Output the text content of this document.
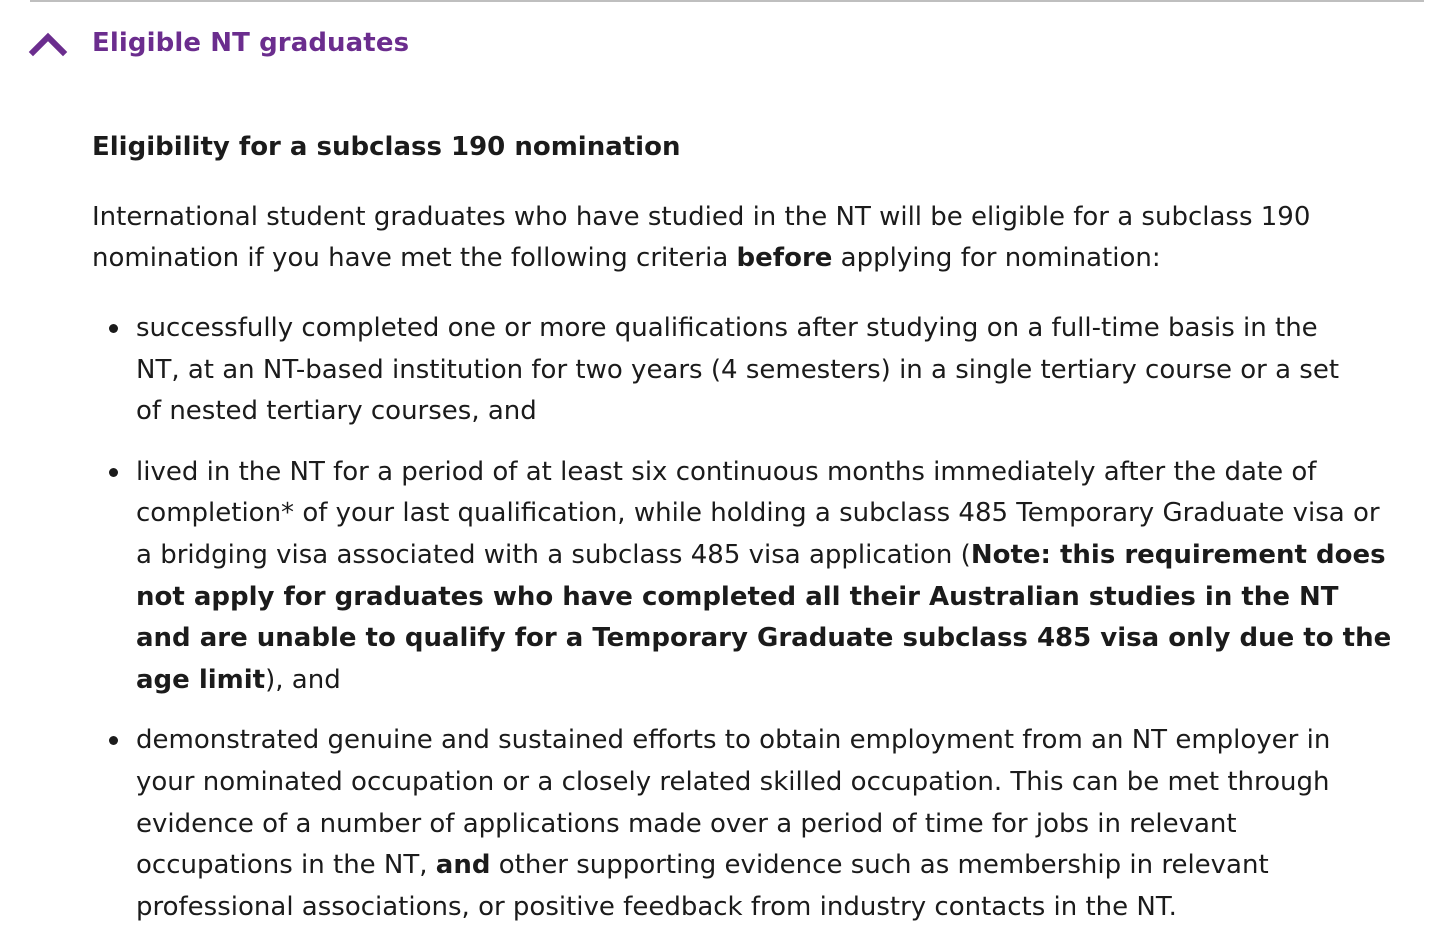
Eligible NT graduates
Eligibility for a subclass 190 nomination

International student graduates who have studied in the NT will be eligible for a subclass 190 nomination if you have met the following criteria before applying for nomination:

successfully completed one or more qualifications after studying on a full-time basis in the NT, at an NT-based institution for two years (4 semesters) in a single tertiary course or a set of nested tertiary courses, and
lived in the NT for a period of at least six continuous months immediately after the date of completion* of your last qualification, while holding a subclass 485 Temporary Graduate visa or a bridging visa associated with a subclass 485 visa application (Note: this requirement does not apply for graduates who have completed all their Australian studies in the NT and are unable to qualify for a Temporary Graduate subclass 485 visa only due to the age limit), and
demonstrated genuine and sustained efforts to obtain employment from an NT employer in your nominated occupation or a closely related skilled occupation. This can be met through evidence of a number of applications made over a period of time for jobs in relevant occupations in the NT, and other supporting evidence such as membership in relevant professional associations, or positive feedback from industry contacts in the NT.
